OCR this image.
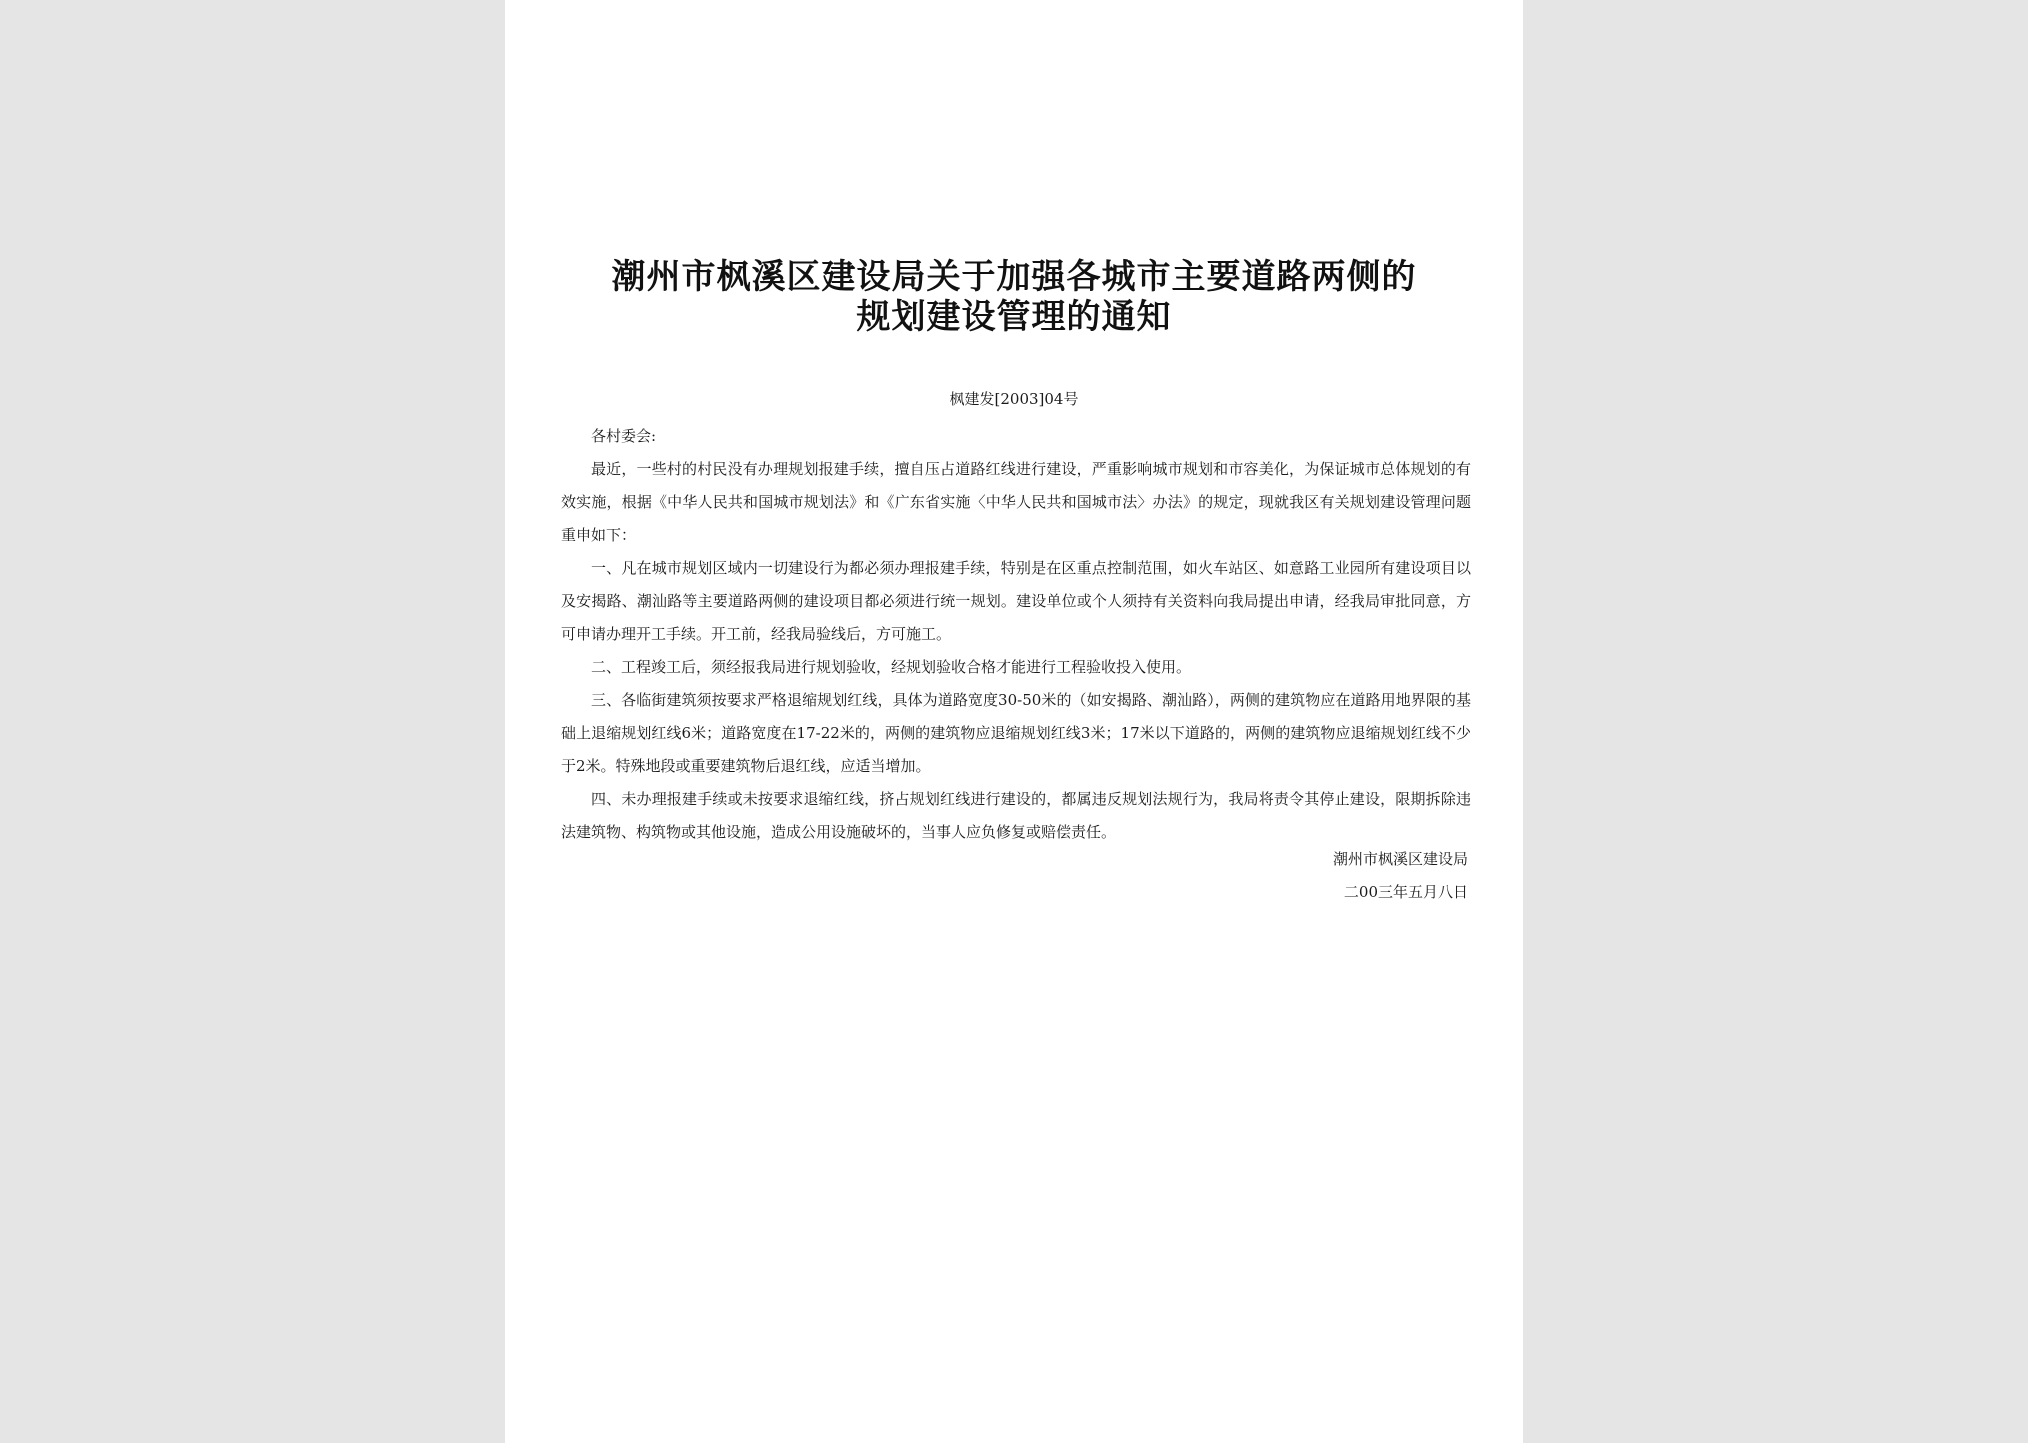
潮州市枫溪区建设局关于加强各城市主要道路两侧的
规划建设管理的通知
枫建发[2003]04号

各村委会:

最近，一些村的村民没有办理规划报建手续，擅自压占道路红线进行建设，严重影响城市规划和市容美化，为保证城市总体规划的有效实施，根据《中华人民共和国城市规划法》和《广东省实施〈中华人民共和国城市法〉办法》的规定，现就我区有关规划建设管理问题重申如下：

一、凡在城市规划区域内一切建设行为都必须办理报建手续，特别是在区重点控制范围，如火车站区、如意路工业园所有建设项目以及安揭路、潮汕路等主要道路两侧的建设项目都必须进行统一规划。建设单位或个人须持有关资料向我局提出申请，经我局审批同意，方可申请办理开工手续。开工前，经我局验线后，方可施工。

二、工程竣工后，须经报我局进行规划验收，经规划验收合格才能进行工程验收投入使用。

三、各临街建筑须按要求严格退缩规划红线，具体为道路宽度30-50米的（如安揭路、潮汕路），两侧的建筑物应在道路用地界限的基础上退缩规划红线6米；道路宽度在17-22米的，两侧的建筑物应退缩规划红线3米；17米以下道路的，两侧的建筑物应退缩规划红线不少于2米。特殊地段或重要建筑物后退红线，应适当增加。

四、未办理报建手续或未按要求退缩红线，挤占规划红线进行建设的，都属违反规划法规行为，我局将责令其停止建设，限期拆除违法建筑物、构筑物或其他设施，造成公用设施破坏的，当事人应负修复或赔偿责任。

潮州市枫溪区建设局
二00三年五月八日
